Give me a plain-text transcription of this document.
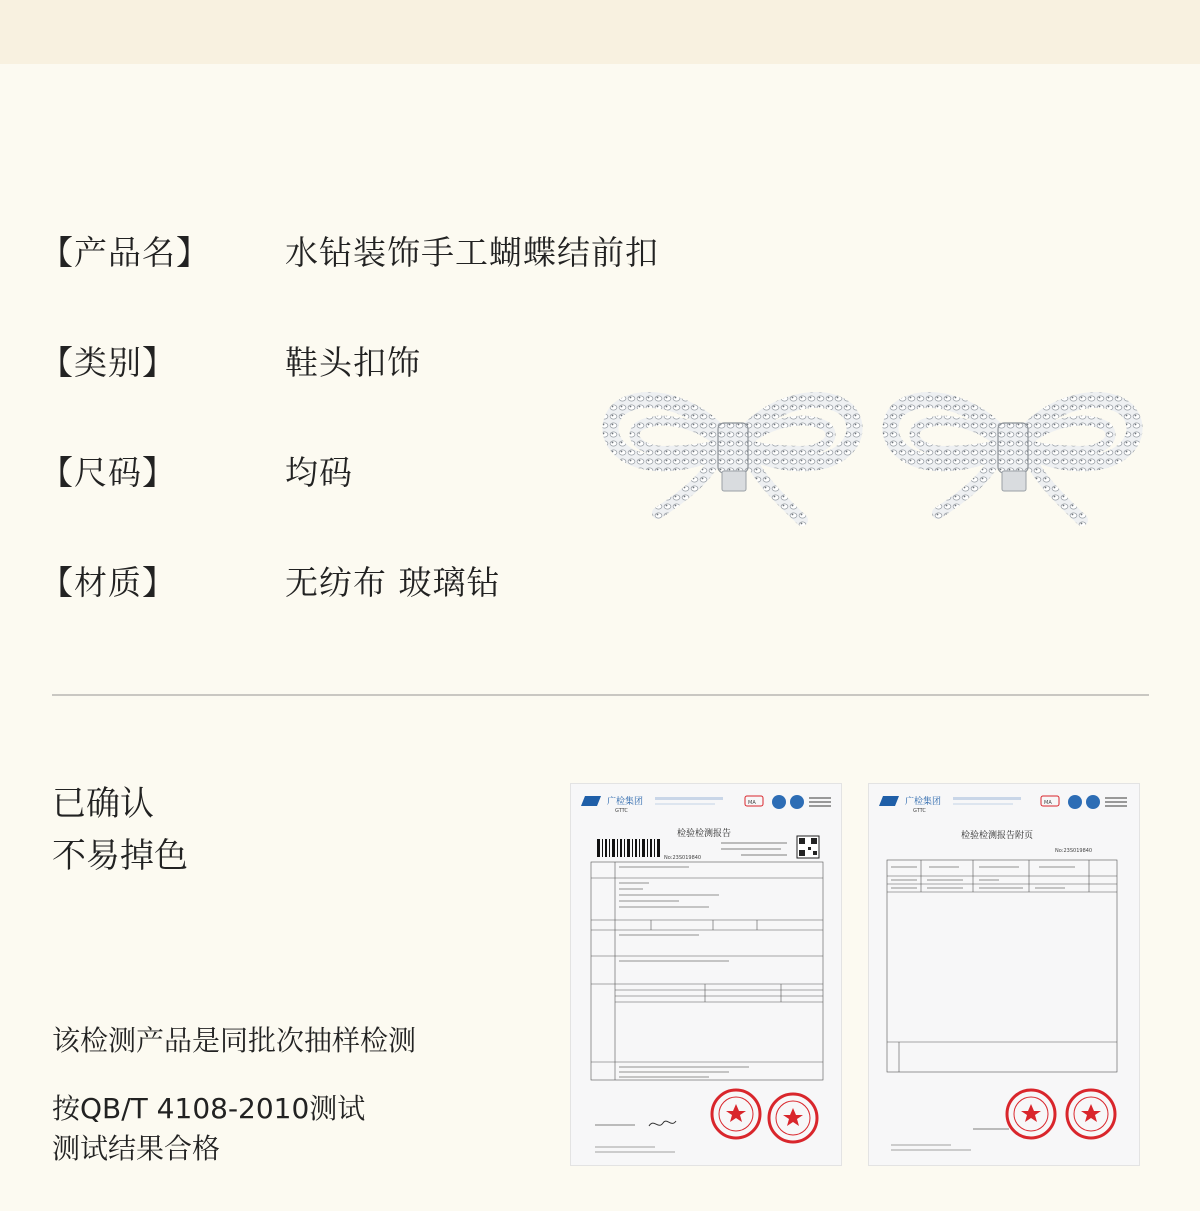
【产品名】	水钻装饰手工蝴蝶结前扣
【类别】	鞋头扣饰
【尺码】	均码
【材质】	无纺布 玻璃钻
已确认
不易掉色
该检测产品是同批次抽样检测
按QB/T 4108-2010测试
测试结果合格
广检集团
GTTC
MA
检验检测报告
No:23S019840
广检集团
GTTC
MA
检验检测报告附页
No:23S019840
